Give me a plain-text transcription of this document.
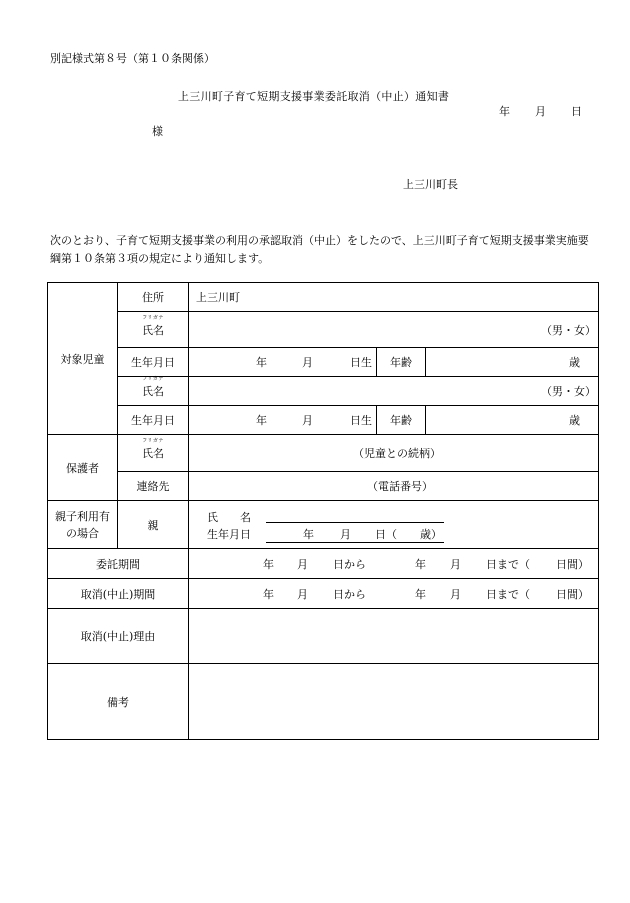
別記様式第８号（第１０条関係）
上三川町子育て短期支援事業委託取消（中止）通知書
年 月 日
様
上三川町長
次のとおり、子育て短期支援事業の利用の承認取消（中止）をしたので、上三川町子育て短期支援事業実施要綱第１０条第３項の規定により通知します。
対象児童
住所	上三川町
フリガナ
氏名	（男・女）
生年月日	年	月	日生	年齢	歳
フリガナ
氏名	（男・女）
生年月日	年	月	日生	年齢	歳
保護者
フリガナ
氏名	（児童との続柄）
連絡先	（電話番号）
親子利用有
の場合
親
氏　　名
生年月日	年 月 日（ 歳）
委託期間	年 月 日から	年 月 日まで（ 日間）
取消(中止)期間	年 月 日から	年 月 日まで（ 日間）
取消(中止)理由
備考
